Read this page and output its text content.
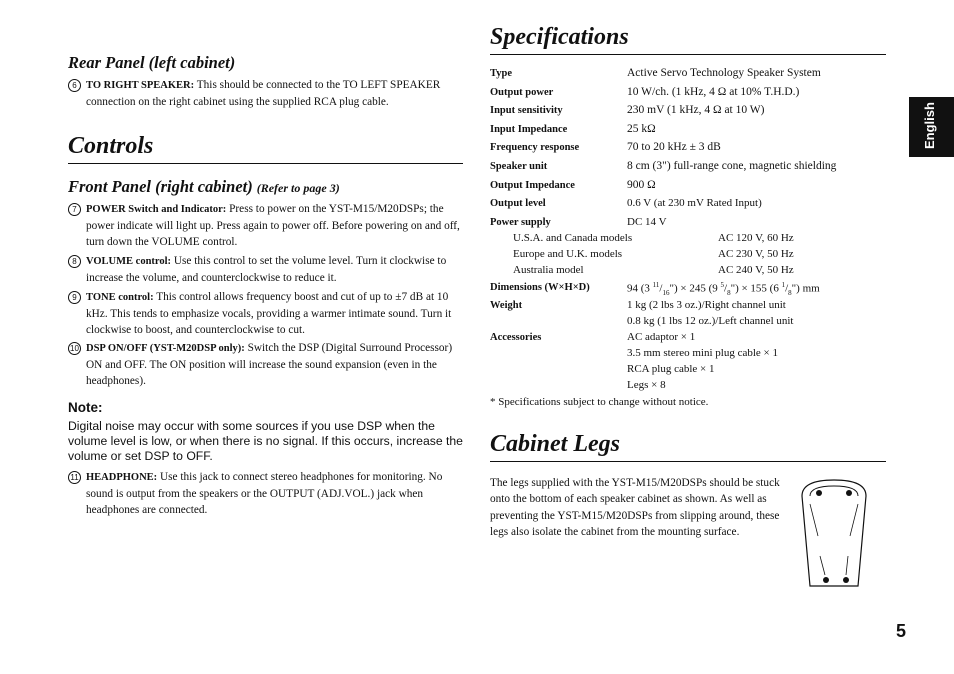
Rear Panel (left cabinet)
6 TO RIGHT SPEAKER: This should be connected to the TO LEFT SPEAKER connection on the right cabinet using the supplied RCA plug cable.
Controls
Front Panel (right cabinet) (Refer to page 3)
7 POWER Switch and Indicator: Press to power on the YST-M15/M20DSPs; the power indicate will light up. Press again to power off. Before powering on and off, turn down the VOLUME control.
8 VOLUME control: Use this control to set the volume level. Turn it clockwise to increase the volume, and counterclockwise to reduce it.
9 TONE control: This control allows frequency boost and cut of up to ±7 dB at 10 kHz. This tends to emphasize vocals, providing a warmer intimate sound. Turn it clockwise to boost, and counterclockwise to cut.
10 DSP ON/OFF (YST-M20DSP only): Switch the DSP (Digital Surround Processor) ON and OFF. The ON position will increase the sound expansion (even in the headphones).
Note:
Digital noise may occur with some sources if you use DSP when the volume level is low, or when there is no signal. If this occurs, increase the volume or set DSP to OFF.
11 HEADPHONE: Use this jack to connect stereo headphones for monitoring. No sound is output from the speakers or the OUTPUT (ADJ.VOL.) jack when headphones are connected.
Specifications
Type	Active Servo Technology Speaker System
Output power	10 W/ch. (1 kHz, 4 Ω at 10% T.H.D.)
Input sensitivity	230 mV (1 kHz, 4 Ω at 10 W)
Input Impedance	25 kΩ
Frequency response	70 to 20 kHz ± 3 dB
Speaker unit	8 cm (3") full-range cone, magnetic shielding
Output Impedance	900 Ω
Output level	0.6 V (at 230 mV Rated Input)
Power supply	DC 14 V
U.S.A. and Canada models	AC 120 V, 60 Hz
Europe and U.K. models	AC 230 V, 50 Hz
Australia model	AC 240 V, 50 Hz
Dimensions (W×H×D)	94 (3 $^{11}/_{16}") \times 245$ (9 $^5/_8") \times 155$ (6 $^1/_8$") mm
Weight	1 kg (2 lbs 3 oz.)/Right channel unit
0.8 kg (1 lbs 12 oz.)/Left channel unit
Accessories	AC adaptor × 1
3.5 mm stereo mini plug cable × 1
RCA plug cable × 1
Legs × 8
* Specifications subject to change without notice.
Cabinet Legs
The legs supplied with the YST-M15/M20DSPs should be stuck onto the bottom of each speaker cabinet as shown. As well as preventing the YST-M15/M20DSPs from slipping around, these legs also isolate the cabinet from the mounting surface.
English
5
